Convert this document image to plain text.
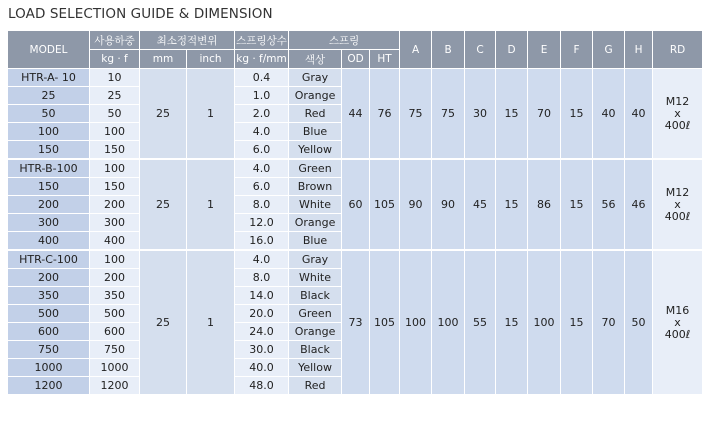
LOAD SELECTION GUIDE & DIMENSION
MODEL	사용하중	최소정적변위		스프링상수	스프링			A	B	C	D	E	F	G	H	RD
	kg · f	mm	inch	kg · f/mm	색상	OD	HT									
HTR-A- 10	10	25	1	0.4	Gray	44	76	75	75	30	15	70	15	40	40	M12
x
400ℓ

25	25			1.0	Orange											
50	50			2.0	Red											
100	100			4.0	Blue											
150	150			6.0	Yellow											
HTR-B-100	100	25	1	4.0	Green	60	105	90	90	45	15	86	15	56	46	M12
x
400ℓ

150	150			6.0	Brown											
200	200			8.0	White											
300	300			12.0	Orange											
400	400			16.0	Blue											
HTR-C-100	100	25	1	4.0	Gray	73	105	100	100	55	15	100	15	70	50	M16
x
400ℓ

200	200			8.0	White											
350	350			14.0	Black											
500	500			20.0	Green											
600	600			24.0	Orange											
750	750			30.0	Black											
1000	1000			40.0	Yellow											
1200	1200			48.0	Red											
